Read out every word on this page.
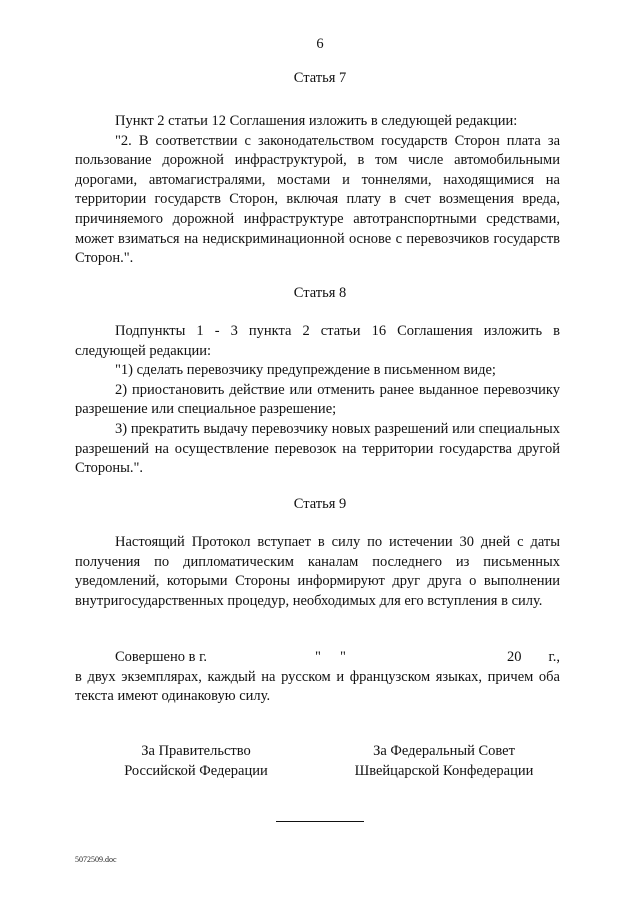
6
Статья 7

Пункт 2 статьи 12 Соглашения изложить в следующей редакции:

"2. В соответствии с законодательством государств Сторон плата за пользование дорожной инфраструктурой, в том числе автомобильными дорогами, автомагистралями, мостами и тоннелями, находящимися на территории государств Сторон, включая плату в счет возмещения вреда, причиняемого дорожной инфраструктуре автотранспортными средствами, может взиматься на недискриминационной основе с перевозчиков государств Сторон.".

Статья 8

Подпункты 1 - 3 пункта 2 статьи 16 Соглашения изложить в следующей редакции:

"1) сделать перевозчику предупреждение в письменном виде;

2) приостановить действие или отменить ранее выданное перевозчику разрешение или специальное разрешение;

3) прекратить выдачу перевозчику новых разрешений или специальных разрешений на осуществление перевозок на территории государства другой Стороны.".

Статья 9

Настоящий Протокол вступает в силу по истечении 30 дней с даты получения по дипломатическим каналам последнего из письменных уведомлений, которыми Стороны информируют друг друга о выполнении внутригосударственных процедур, необходимых для его вступления в силу.

Совершено в г.	" "	20 г.,

в двух экземплярах, каждый на русском и французском языках, причем оба текста имеют одинаковую силу.

За Правительство
Российской Федерации
За Федеральный Совет
Швейцарской Конфедерации
5072509.doc
